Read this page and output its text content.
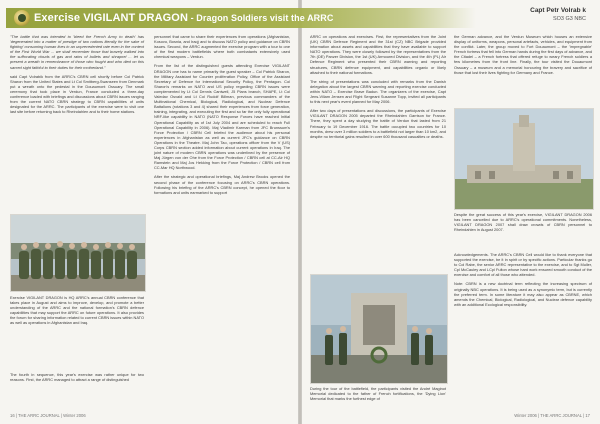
Exercise VIGILANT DRAGON - Dragon Soldiers visit the ARRC
Capt Petr Volrab k
SO3 G3 NBC

"The battle that was intended to 'bleed the French Army to death' has 'degenerated into a matter of prestige of two nations literally for the sake of fighting' consuming human lives in an unprecedented rate even in the context of the First World War ... we shall remember those that bravely walked into the suffocating clouds of gas and rains of bullets and shrapnel ... let us present a wreath in remembrance of those who fought and who died on this sacred sight faithful to their duties for their motherland."

said Capt Volrabik from the ARRC's CBRN cell shortly before Col Patrick Sharon from the United States and Lt Col Smitberg-Swanseen from Denmark put a wreath onto the pedestal in the Douaumont Ossuary. The small ceremony that took place in Verdun, France concluded a three-day conference loaded with briefings and discussions about CBRN issues ranging from the current NATO CBRN strategy to CBRN capabilities of units designated for the ARRC. The participants of the exercise were to visit one last site before returning back to Rheindahlen and to their home stations.

Exercise VIGILANT DRAGON is HQ ARRC's annual CBRN conference that takes place in August and aims to improve, develop, and promote a better understanding of the ARRC and the national formation's CBRN defence capabilities that may support the ARRC on future operations. It also provides the forum for sharing information related to current CBRN issues within NATO as well as operations in Afghanistan and Iraq.

The fourth in sequence, this year's exercise was rather unique for two reasons. First, the ARRC managed to attract a range of distinguished

personnel that came to share their experiences from operations (Afghanistan, Kosovo, Bosnia, and Iraq) and to discuss NATO policy and guidance on CBRN issues. Second, the ARRC augmented the exercise program with a tour to one of the first modern battlefields where both combatants extensively used chemical weapons – Verdun.

From the list of the distinguished guests attending Exercise VIGILANT DRAGON one has to name primarily the guest speaker – Col Patrick Sharon, the Military Assistant for Counter proliferation Policy, Office of the Assistant Secretary of Defence for International Security Policy, the Pentagon. Col Sharon's remarks on NATO and US policy regarding CBRN issues were complemented by Lt Col Dennis Cantwell, J5 Plans branch, SHAPE, Lt Col Valedav Osvald and Lt Col Rudolf Billman, previous commanders of the Multinational Chemical, Biological, Radiological, and Nuclear Defence Battalions (rotations 3 and 4) shared their experiences from force generation, training, integrating, and executing the first and so far the only fully operational NRF-like capability in NATO (NATO Response Forces have reached Initial Operational Capability as of 1st July 2004 and are scheduled to reach Full Operational Capability in 2006). Maj Vladimir Karman from JFC Brunssum's Force Protection / CBRN Cell briefed the audience about his personal experiences in Afghanistan as well as current JFC's guidance on CBRN Operations in the Theatre. Maj John Tao, operations officer from the V (US) Corps CBRN section added information about current operations in Iraq. The joint nature of modern CBRN operations was underlined by the presence of Maj Jürgen von der Ohe from the Force Protection / CBRN cell at CC-Air HQ Ramstein and Maj Jos Hekking from the Force Protection / CBRN cell from CC-Mar HQ Northwood.

After the strategic and operational briefings, Maj Andrew Brooks opened the second phase of the conference focusing on ARRC's CBRN operations. Following his briefing of the ARRC's CBRN concept, he opened the floor to formations and units earmarked to support

ARRC on operations and exercises. First, the representatives from the Joint (UK) CBRN Defence Regiment and the 31st (CZ) NBC Brigade provided information about assets and capabilities that they have available to support NATO operations. They were closely followed by the representatives from the 7th (DE) Panzer Division, the 1st (UK) Armoured Division, and the 4th (PL) Air Defence Regiment who presented their CBRN warning and reporting structures, CBRN defence equipment, and capabilities organic or likely attached to their national formations.

The string of presentations was concluded with remarks from the Danish delegation about the largest CBRN warning and reporting exercise conducted within NATO – Exercise Brave Badun. The organizers of the exercise, Capt Jens-Viliam Jensen and Flight Sergeant Susanne Topp, invited all participants to this next year's event planned for May 2006.

After two days of presentations and discussions, the participants of Exercise VIGILANT DRAGON 2005 departed the Rheindahlen Garrison for France. There, they spent a day studying the battle of Verdun that lasted from 21 February to 19 December 1916. The battle occupied two countries for 10 months, drew over 3 million soldiers to a battlefield not larger than 10 km2, and despite no territorial gains resulted in over 600 thousand casualties or deaths.

During the tour of the battlefield, the participants visited the André Maginot Memorial dedicated to the father of French fortifications, the 'Dying Lion' Memorial that marks the furthest edge of

the German advance, and the Verdun Museum which houses an extensive display of uniforms, weapons, personal artefacts, vehicles, and equipment from the conflict. Later, the group moved to Fort Douaumont – the 'impregnable' French fortress that fell into German hands during the first days of advance, and the Citadel – a French fortress that offered refuge to weary French soldiers a few kilometres from the front line. Finally, the tour visited the Douaumont Ossuary – a museum and a memorial honouring the bravery and sacrifice of those that lost their lives fighting for Germany and France.

Despite the great success of this year's exercise, VIGILANT DRAGON 2006 has been cancelled due to ARRC's operational commitments. Nonetheless, VIGILANT DRAGON 2007 shall draw crowds of CBRN personnel to Rheindahlen in August 2007.

Acknowledgements. The ARRC's CBRN Cell would like to thank everyone that supported the exercise, be it in spirit or by specific actions. Particular thanks go to Col Rabe, the senior ARRC representative to the exercise, and to Sgt Muller, Cpl McCauley and LCpl Fulton whose hard work ensured smooth conduct of the exercise and comfort of all those who attended.

Note: CBRN is a new doctrinal term reflecting the increasing spectrum of originally NBC operations. It is being used as a synonymic term, but is currently the preferred term. In some literature it may also appear as CBRNE, which amends the Chemical, Biological, Radiological, and Nuclear defence capability with an additional Ecological responsibility.

16 | THE ARRC JOURNAL | Winter 2006	Winter 2006 | THE ARRC JOURNAL | 17
